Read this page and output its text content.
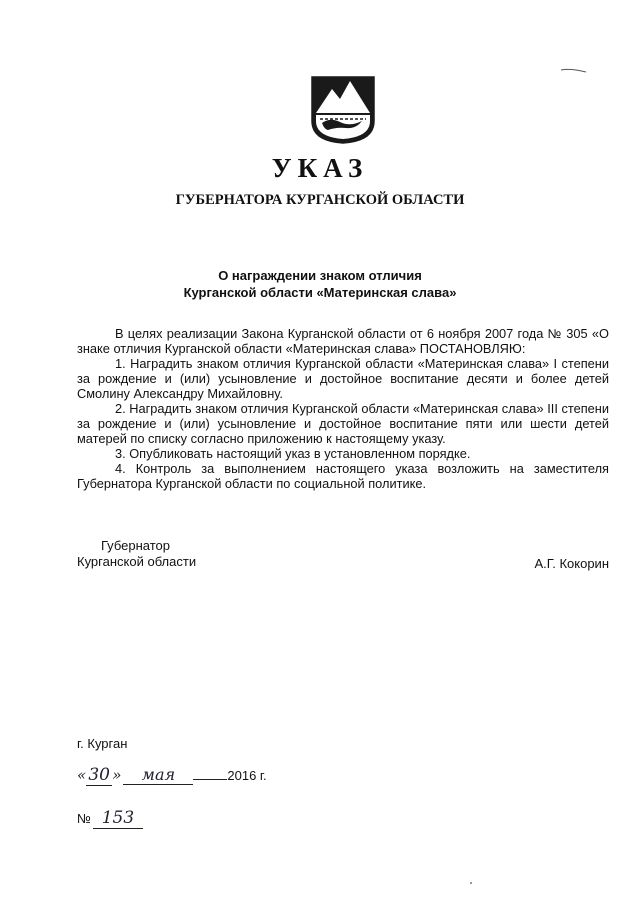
УКАЗ
ГУБЕРНАТОРА КУРГАНСКОЙ ОБЛАСТИ
О награждении знаком отличия
Курганской области «Материнская слава»

В целях реализации Закона Курганской области от 6 ноября 2007 года № 305 «О знаке отличия Курганской области «Материнская слава» ПОСТАНОВЛЯЮ:

1. Наградить знаком отличия Курганской области «Материнская слава» I степени за рождение и (или) усыновление и достойное воспитание десяти и более детей Смолину Александру Михайловну.

2. Наградить знаком отличия Курганской области «Материнская слава» III степени за рождение и (или) усыновление и достойное воспитание пяти или шести детей матерей по списку согласно приложению к настоящему указу.

3. Опубликовать настоящий указ в установленном порядке.

4. Контроль за выполнением настоящего указа возложить на заместителя Губернатора Курганской области по социальной политике.

Губернатор
Курганской области	А.Г. Кокорин
г. Курган
« 30 » мая	2016 г.
№ 153
